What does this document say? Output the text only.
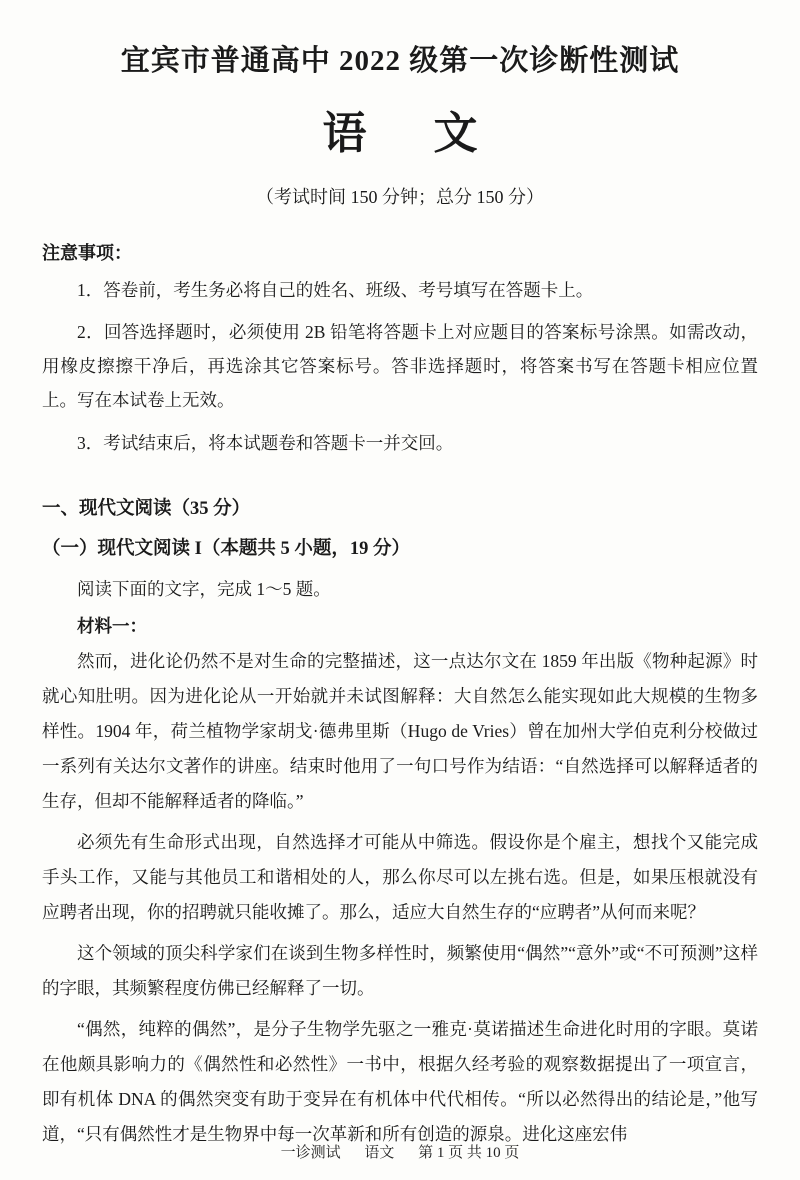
宜宾市普通高中 2022 级第一次诊断性测试
语 文
（考试时间 150 分钟；总分 150 分）
注意事项：
1．答卷前，考生务必将自己的姓名、班级、考号填写在答题卡上。
2．回答选择题时，必须使用 2B 铅笔将答题卡上对应题目的答案标号涂黑。如需改动，用橡皮擦擦干净后，再选涂其它答案标号。答非选择题时，将答案书写在答题卡相应位置上。写在本试卷上无效。
3．考试结束后，将本试题卷和答题卡一并交回。
一、现代文阅读（35 分）
（一）现代文阅读 I（本题共 5 小题，19 分）
阅读下面的文字，完成 1～5 题。
材料一：
然而，进化论仍然不是对生命的完整描述，这一点达尔文在 1859 年出版《物种起源》时就心知肚明。因为进化论从一开始就并未试图解释：大自然怎么能实现如此大规模的生物多样性。1904 年，荷兰植物学家胡戈·德弗里斯（Hugo de Vries）曾在加州大学伯克利分校做过一系列有关达尔文著作的讲座。结束时他用了一句口号作为结语：“自然选择可以解释适者的生存，但却不能解释适者的降临。”
必须先有生命形式出现，自然选择才可能从中筛选。假设你是个雇主，想找个又能完成手头工作，又能与其他员工和谐相处的人，那么你尽可以左挑右选。但是，如果压根就没有应聘者出现，你的招聘就只能收摊了。那么，适应大自然生存的“应聘者”从何而来呢？
这个领域的顶尖科学家们在谈到生物多样性时，频繁使用“偶然”“意外”或“不可预测”这样的字眼，其频繁程度仿佛已经解释了一切。
“偶然，纯粹的偶然”，是分子生物学先驱之一雅克·莫诺描述生命进化时用的字眼。莫诺在他颇具影响力的《偶然性和必然性》一书中，根据久经考验的观察数据提出了一项宣言，即有机体 DNA 的偶然突变有助于变异在有机体中代代相传。“所以必然得出的结论是，”他写道，“只有偶然性才是生物界中每一次革新和所有创造的源泉。进化这座宏伟
一诊测试 语文 第 1 页 共 10 页
